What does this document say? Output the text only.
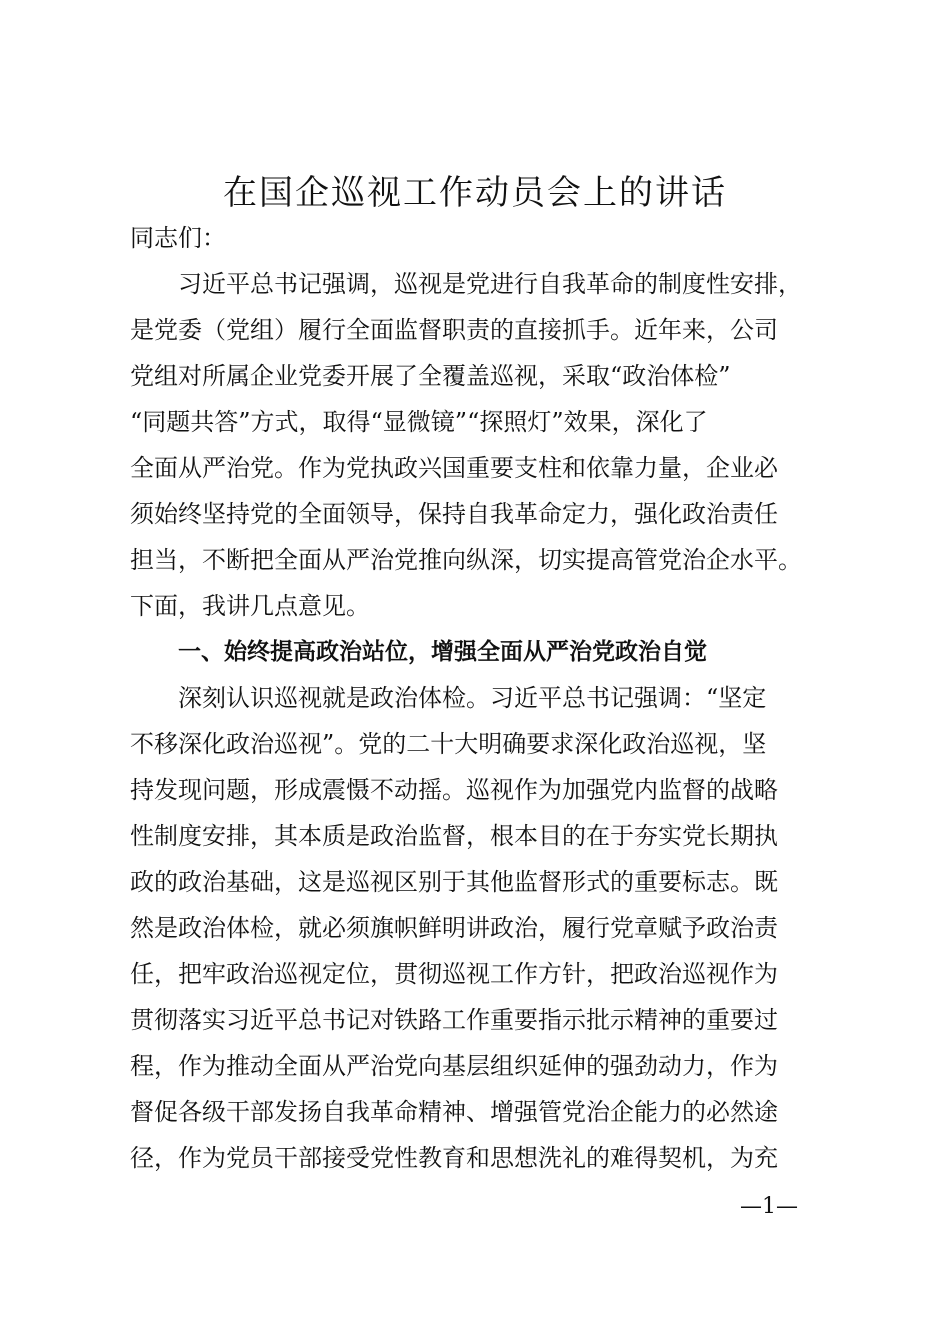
在国企巡视工作动员会上的讲话
同志们：
习近平总书记强调，巡视是党进行自我革命的制度性安排，
是党委（党组）履行全面监督职责的直接抓手。近年来，公司
党组对所属企业党委开展了全覆盖巡视，采取“政治体检”
“同题共答”方式，取得“显微镜”“探照灯”效果，深化了
全面从严治党。作为党执政兴国重要支柱和依靠力量，企业必
须始终坚持党的全面领导，保持自我革命定力，强化政治责任
担当，不断把全面从严治党推向纵深，切实提高管党治企水平。
下面，我讲几点意见。
一、始终提高政治站位，增强全面从严治党政治自觉
深刻认识巡视就是政治体检。习近平总书记强调：“坚定
不移深化政治巡视”。党的二十大明确要求深化政治巡视，坚
持发现问题，形成震慑不动摇。巡视作为加强党内监督的战略
性制度安排，其本质是政治监督，根本目的在于夯实党长期执
政的政治基础，这是巡视区别于其他监督形式的重要标志。既
然是政治体检，就必须旗帜鲜明讲政治，履行党章赋予政治责
任，把牢政治巡视定位，贯彻巡视工作方针，把政治巡视作为
贯彻落实习近平总书记对铁路工作重要指示批示精神的重要过
程，作为推动全面从严治党向基层组织延伸的强劲动力，作为
督促各级干部发扬自我革命精神、增强管党治企能力的必然途
径，作为党员干部接受党性教育和思想洗礼的难得契机，为充
—1—
